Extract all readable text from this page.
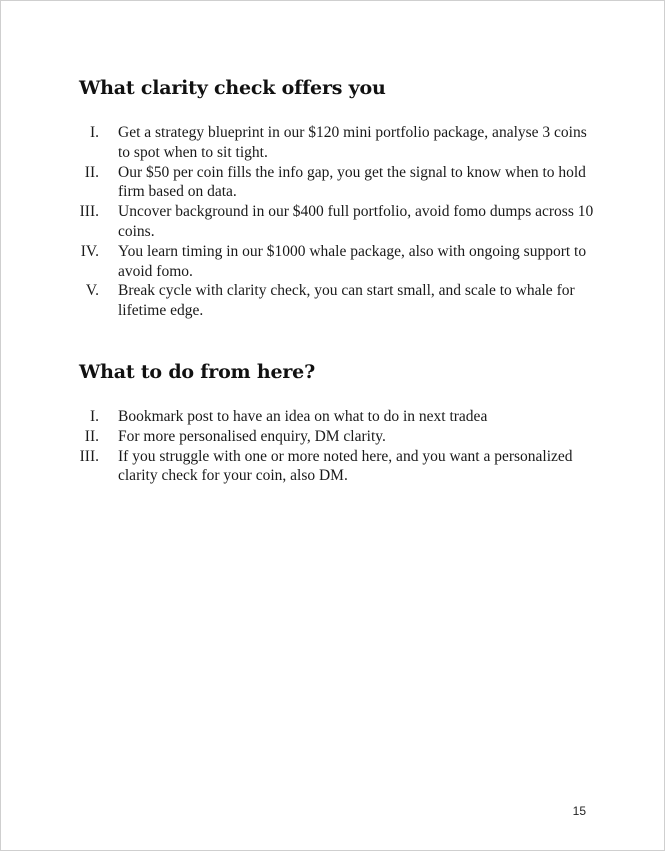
What clarity check offers you
I. Get a strategy blueprint in our $120 mini portfolio package, analyse 3 coins to spot when to sit tight.
II. Our $50 per coin fills the info gap, you get the signal to know when to hold firm based on data.
III. Uncover background in our $400 full portfolio, avoid fomo dumps across 10 coins.
IV. You learn timing in our $1000 whale package, also with ongoing support to avoid fomo.
V. Break cycle with clarity check, you can start small, and scale to whale for lifetime edge.
What to do from here?
I. Bookmark post to have an idea on what to do in next tradea
II. For more personalised enquiry, DM clarity.
III. If you struggle with one or more noted here, and you want a personalized clarity check for your coin, also DM.
15
